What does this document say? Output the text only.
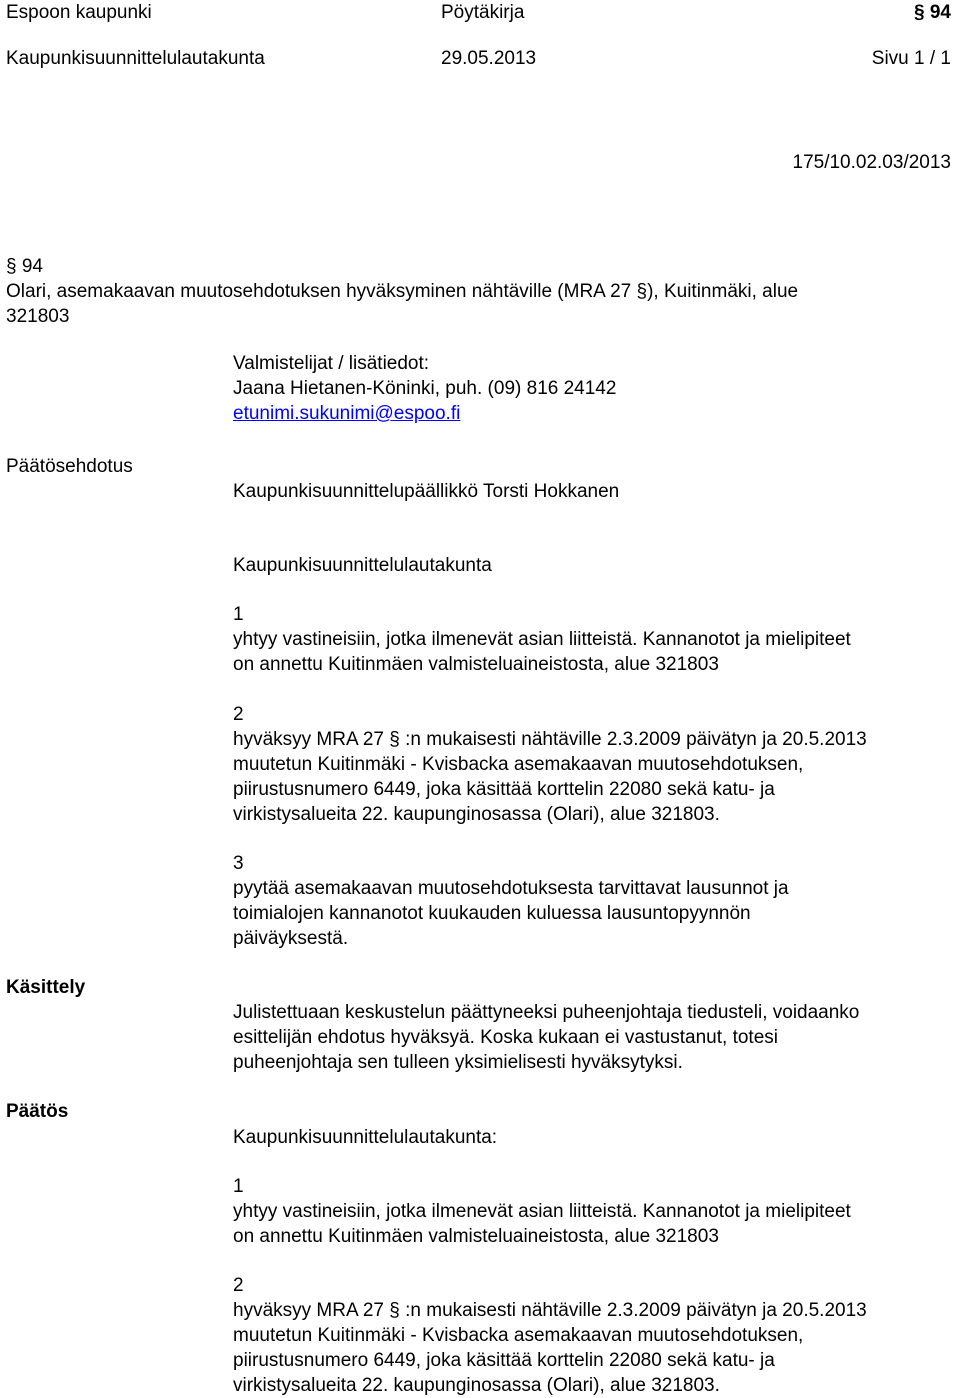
Espoon kaupunki	Pöytäkirja	§ 94
Kaupunkisuunnittelulautakunta	29.05.2013	Sivu 1 / 1
175/10.02.03/2013
§ 94
Olari, asemakaavan muutosehdotuksen hyväksyminen nähtäville (MRA 27 §), Kuitinmäki, alue
321803

Valmistelijat / lisätiedot:

Jaana Hietanen-Köninki, puh. (09) 816 24142

etunimi.sukunimi@espoo.fi

Päätösehdotus
Kaupunkisuunnittelupäällikkö Torsti Hokkanen
Kaupunkisuunnittelulautakunta

1

yhtyy vastineisiin, jotka ilmenevät asian liitteistä. Kannanotot ja mielipiteet

on annettu Kuitinmäen valmisteluaineistosta, alue 321803

2

hyväksyy MRA 27 § :n mukaisesti nähtäville 2.3.2009 päivätyn ja 20.5.2013

muutetun Kuitinmäki - Kvisbacka asemakaavan muutosehdotuksen,

piirustusnumero 6449, joka käsittää korttelin 22080 sekä katu- ja

virkistysalueita 22. kaupunginosassa (Olari), alue 321803.

3

pyytää asemakaavan muutosehdotuksesta tarvittavat lausunnot ja

toimialojen kannanotot kuukauden kuluessa lausuntopyynnön

päiväyksestä.

Käsittely

Julistettuaan keskustelun päättyneeksi puheenjohtaja tiedusteli, voidaanko

esittelijän ehdotus hyväksyä. Koska kukaan ei vastustanut, totesi

puheenjohtaja sen tulleen yksimielisesti hyväksytyksi.

Päätös
Kaupunkisuunnittelulautakunta:

1

yhtyy vastineisiin, jotka ilmenevät asian liitteistä. Kannanotot ja mielipiteet

on annettu Kuitinmäen valmisteluaineistosta, alue 321803

2

hyväksyy MRA 27 § :n mukaisesti nähtäville 2.3.2009 päivätyn ja 20.5.2013

muutetun Kuitinmäki - Kvisbacka asemakaavan muutosehdotuksen,

piirustusnumero 6449, joka käsittää korttelin 22080 sekä katu- ja

virkistysalueita 22. kaupunginosassa (Olari), alue 321803.
